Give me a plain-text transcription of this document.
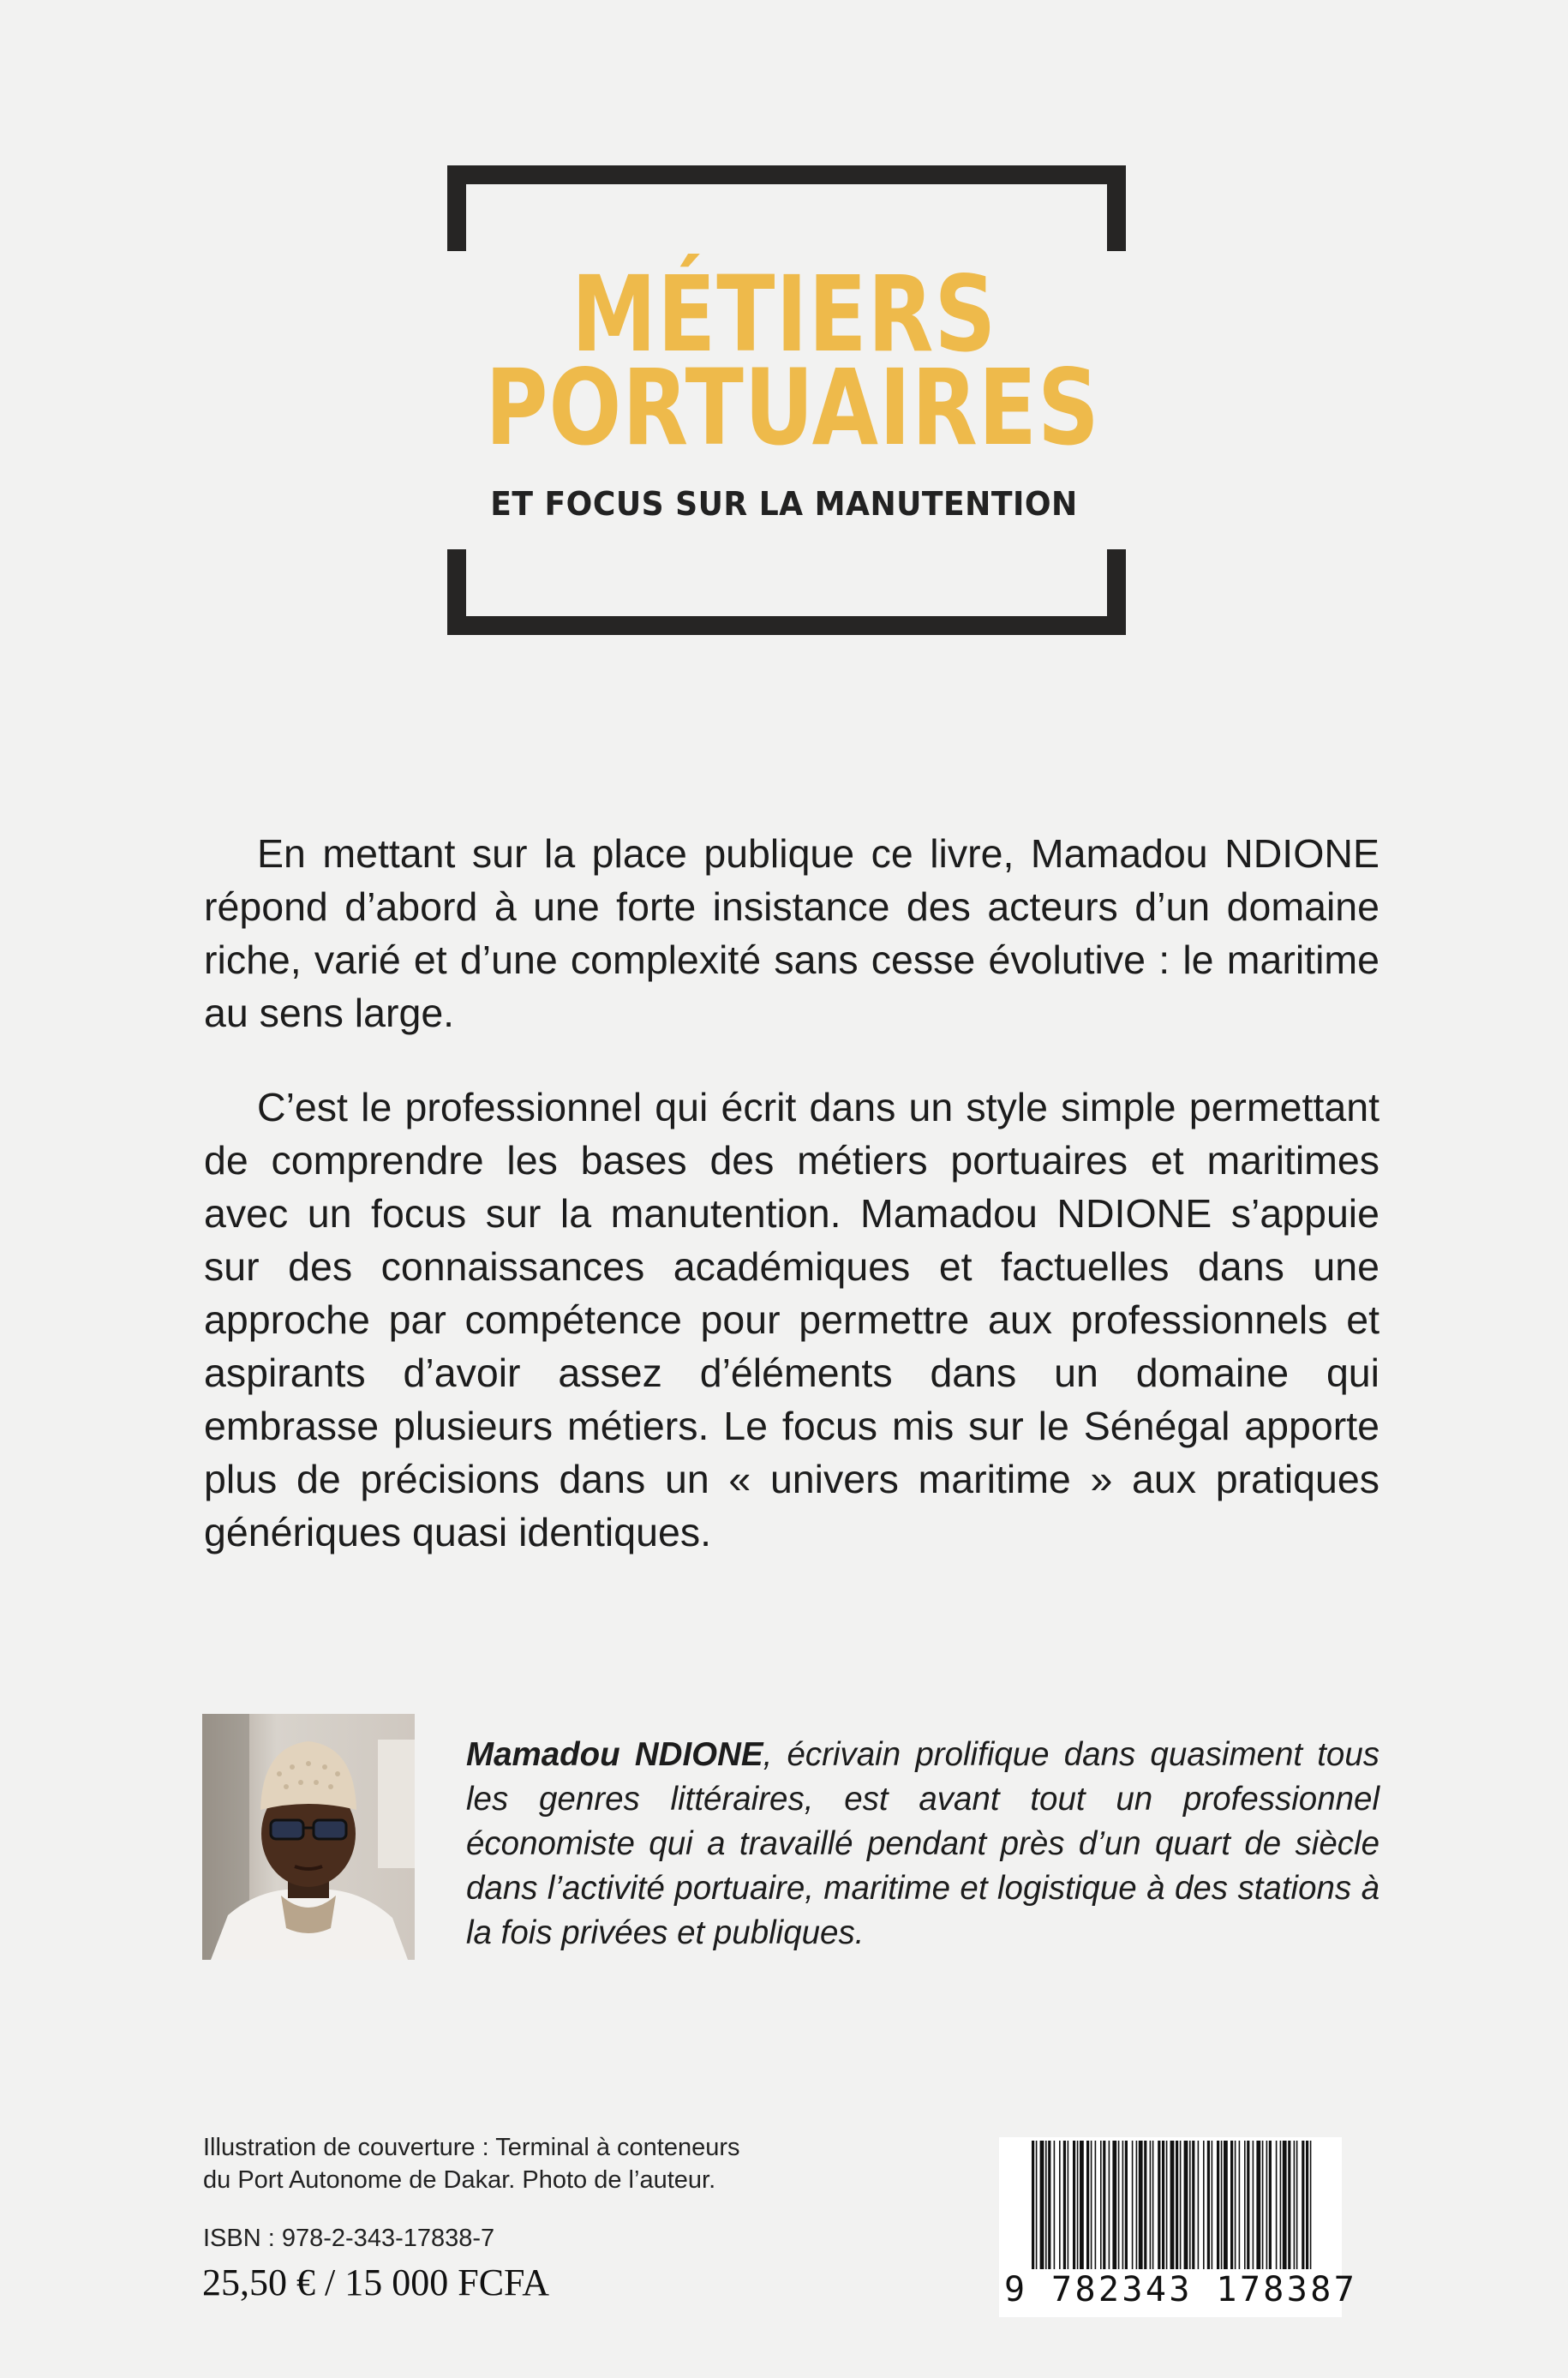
MÉTIERS
PORTUAIRES
ET FOCUS SUR LA MANUTENTION

En mettant sur la place publique ce livre, Mamadou NDIONE répond d’abord à une forte insistance des acteurs d’un domaine riche, varié et d’une complexité sans cesse évolutive : le maritime au sens large.

C’est le professionnel qui écrit dans un style simple permettant de comprendre les bases des métiers portuaires et maritimes avec un focus sur la manutention. Mamadou NDIONE s’appuie sur des connaissances académiques et factuelles dans une approche par compétence pour permettre aux professionnels et aspirants d’avoir assez d’éléments dans un domaine qui embrasse plusieurs métiers. Le focus mis sur le Sénégal apporte plus de précisions dans un « univers maritime » aux pratiques génériques quasi identiques.

Mamadou NDIONE, écrivain prolifique dans quasiment tous les genres littéraires, est avant tout un professionnel économiste qui a travaillé pendant près d’un quart de siècle dans l’activité portuaire, maritime et logistique à des stations à la fois privées et publiques.

Illustration de couverture : Terminal à conteneurs
du Port Autonome de Dakar. Photo de l’auteur.

ISBN : 978-2-343-17838-7

25,50 € / 15 000 FCFA	9 782343 178387
